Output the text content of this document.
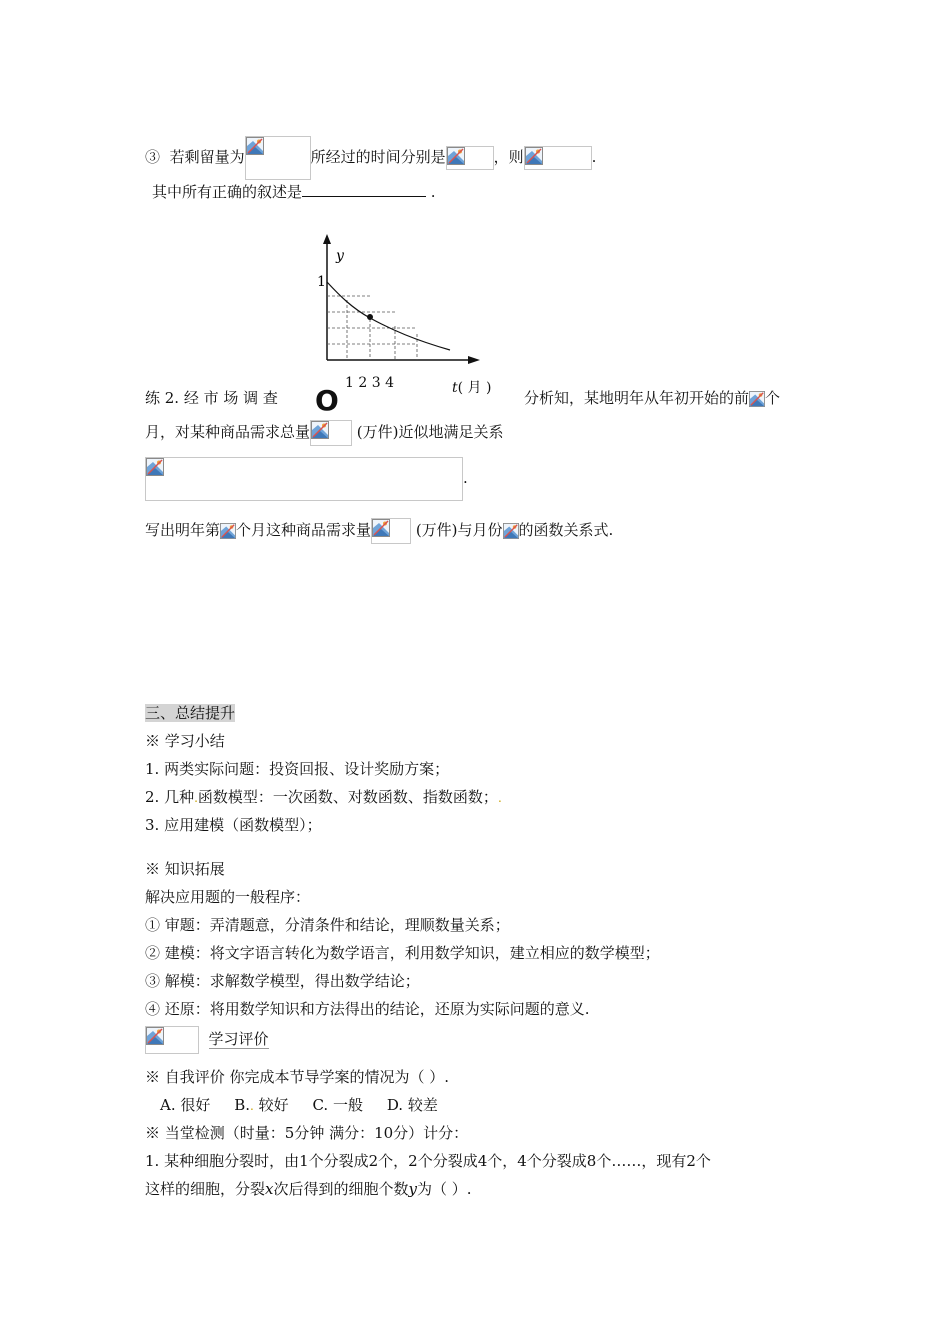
③ 若剩留量为	所经过的时间分别是	，则	.
其中所有正确的叙述是	.
y
1
1 2 3 4	t( 月 )
O
练 2. 经 市 场 调 查	分析知，某地明年从年初开始的前 个
月，对某种商品需求总量	(万件)近似地满足关系
.
写出明年第 个月这种商品需求量	(万件)与月份 的函数关系式.
三、总结提升
※ 学习小结
1. 两类实际问题：投资回报、设计奖励方案；
2. 几种.函数模型：一次函数、对数函数、指数函数；.
3. 应用建模（函数模型）；
※ 知识拓展
解决应用题的一般程序：
① 审题：弄清题意，分清条件和结论，理顺数量关系；
② 建模：将文字语言转化为数学语言，利用数学知识，建立相应的数学模型；
③ 解模：求解数学模型，得出数学结论；
④ 还原：将用数学知识和方法得出的结论，还原为实际问题的意义.
学习评价
※ 自我评价 你完成本节导学案的情况为（ ）.
A. 很好 B.. 较好 C. 一般 D. 较差
※ 当堂检测（时量：5分钟 满分：10分）计分：
1. 某种细胞分裂时，由1个分裂成2个，2个分裂成4个，4个分裂成8个……，现有2个
这样的细胞，分裂x次后得到的细胞个数y为（ ）.
